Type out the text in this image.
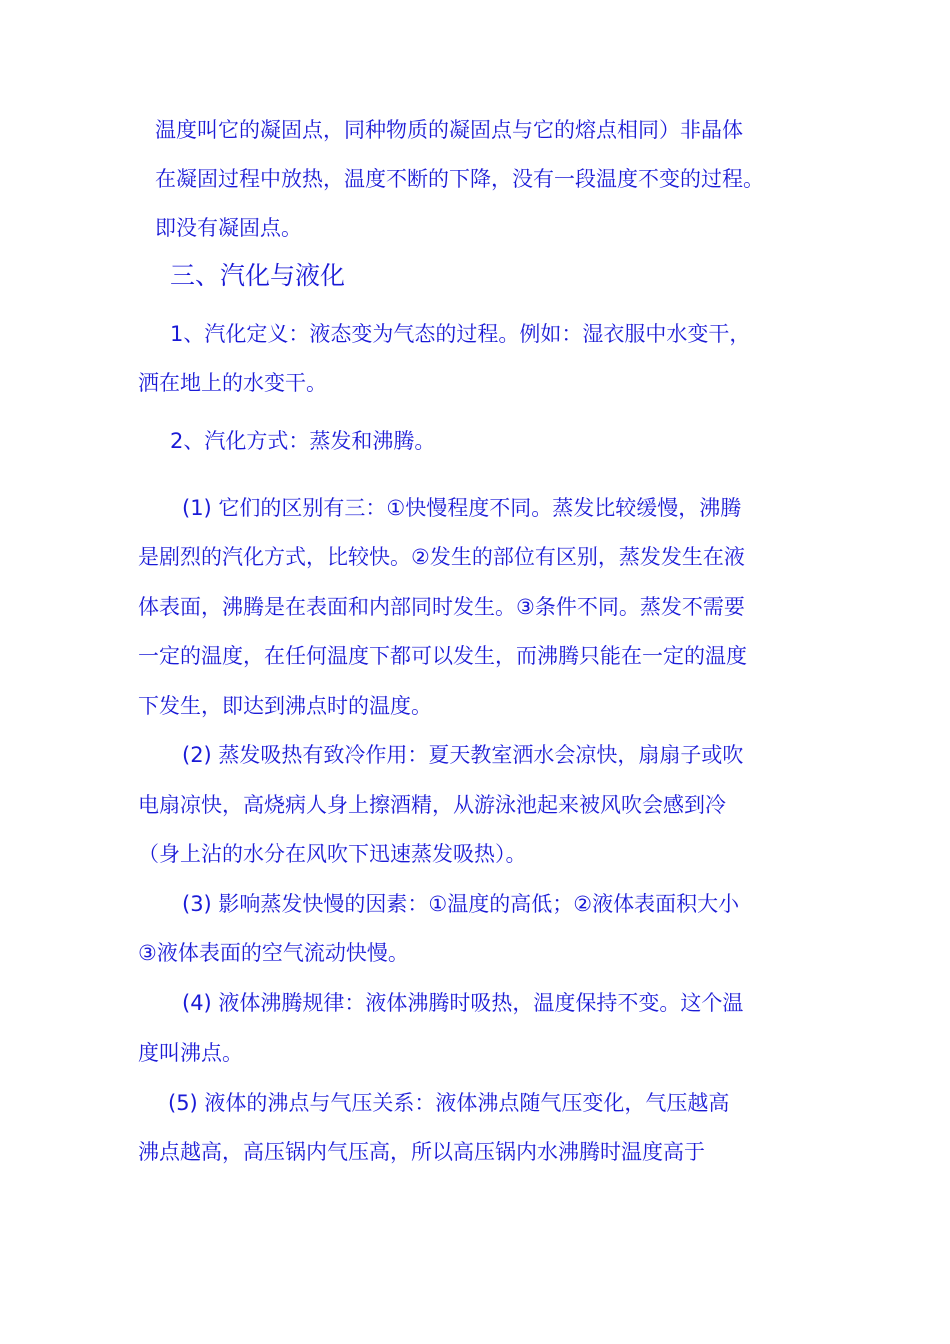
温度叫它的凝固点，同种物质的凝固点与它的熔点相同）非晶体
在凝固过程中放热，温度不断的下降，没有一段温度不变的过程。
即没有凝固点。
三、汽化与液化
1、汽化定义：液态变为气态的过程。例如：湿衣服中水变干，
洒在地上的水变干。
2、汽化方式：蒸发和沸腾。
(1) 它们的区别有三：①快慢程度不同。蒸发比较缓慢，沸腾
是剧烈的汽化方式，比较快。②发生的部位有区别，蒸发发生在液
体表面，沸腾是在表面和内部同时发生。③条件不同。蒸发不需要
一定的温度，在任何温度下都可以发生，而沸腾只能在一定的温度
下发生，即达到沸点时的温度。
(2) 蒸发吸热有致冷作用：夏天教室洒水会凉快，扇扇子或吹
电扇凉快，高烧病人身上擦酒精，从游泳池起来被风吹会感到冷
（身上沾的水分在风吹下迅速蒸发吸热）。
(3) 影响蒸发快慢的因素：①温度的高低；②液体表面积大小
③液体表面的空气流动快慢。
(4) 液体沸腾规律：液体沸腾时吸热，温度保持不变。这个温
度叫沸点。
(5) 液体的沸点与气压关系：液体沸点随气压变化，气压越高
沸点越高，高压锅内气压高，所以高压锅内水沸腾时温度高于
